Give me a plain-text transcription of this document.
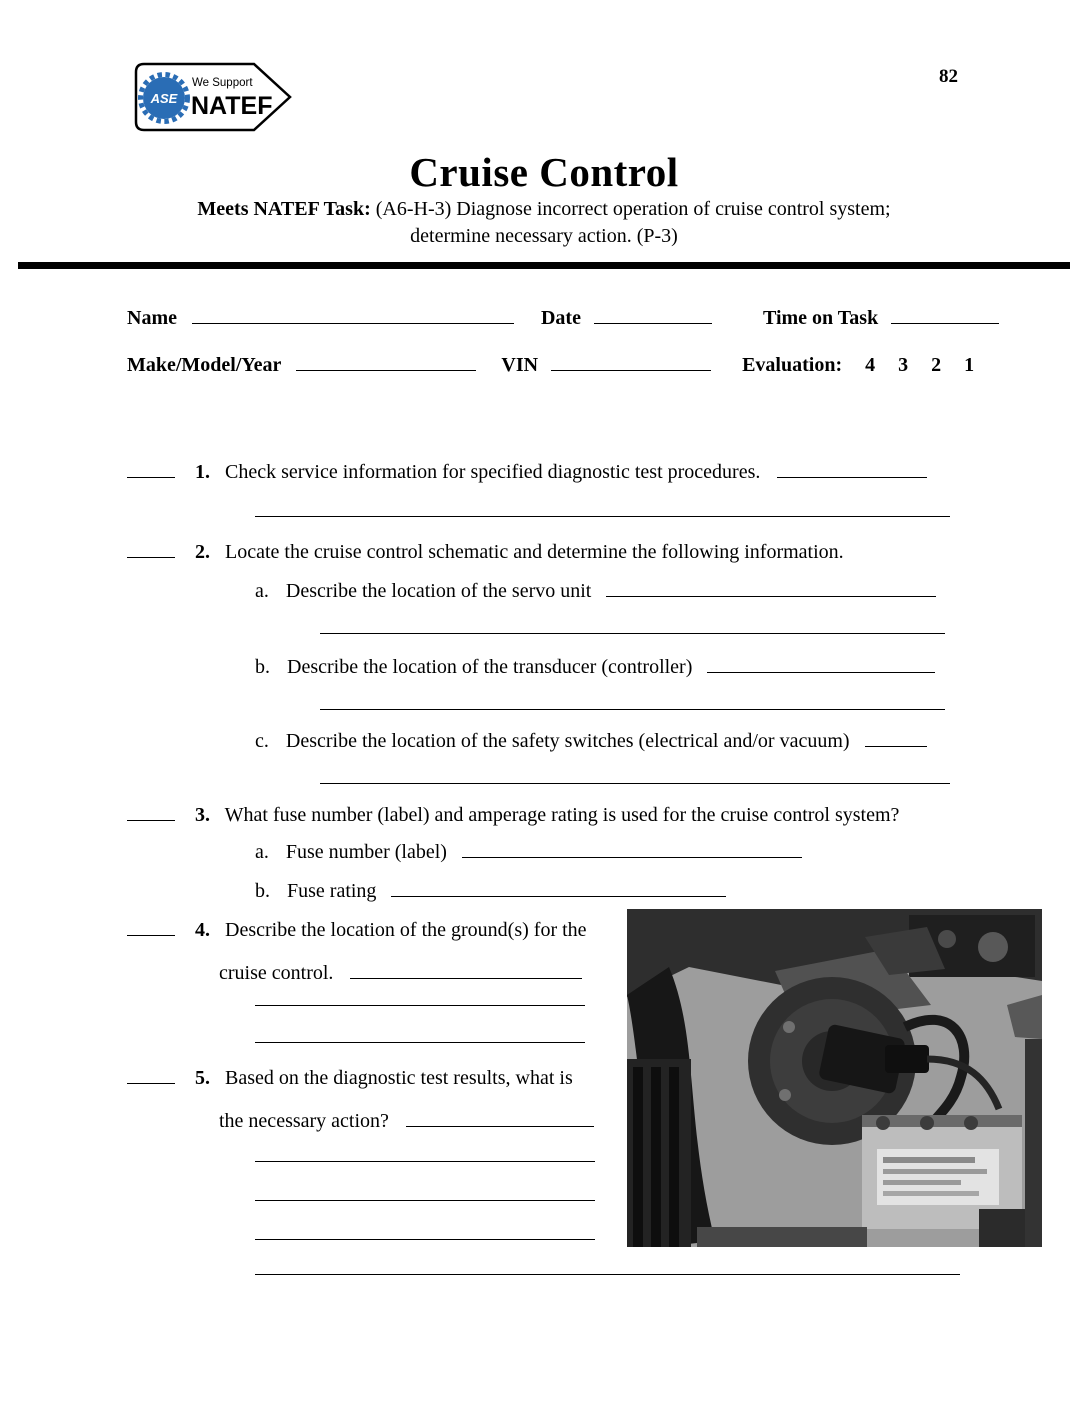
82
ASE
We Support
NATEF
Cruise Control
Meets NATEF Task: (A6-H-3) Diagnose incorrect operation of cruise control system;
determine necessary action. (P-3)
Name	Date	Time on Task
Make/Model/Year	VIN	Evaluation: 4 3 2 1
1. Check service information for specified diagnostic test procedures.
2. Locate the cruise control schematic and determine the following information.
a. Describe the location of the servo unit
b. Describe the location of the transducer (controller)
c. Describe the location of the safety switches (electrical and/or vacuum)
3. What fuse number (label) and amperage rating is used for the cruise control system?
a. Fuse number (label)
b. Fuse rating
4. Describe the location of the ground(s) for the
cruise control.
5. Based on the diagnostic test results, what is
the necessary action?
